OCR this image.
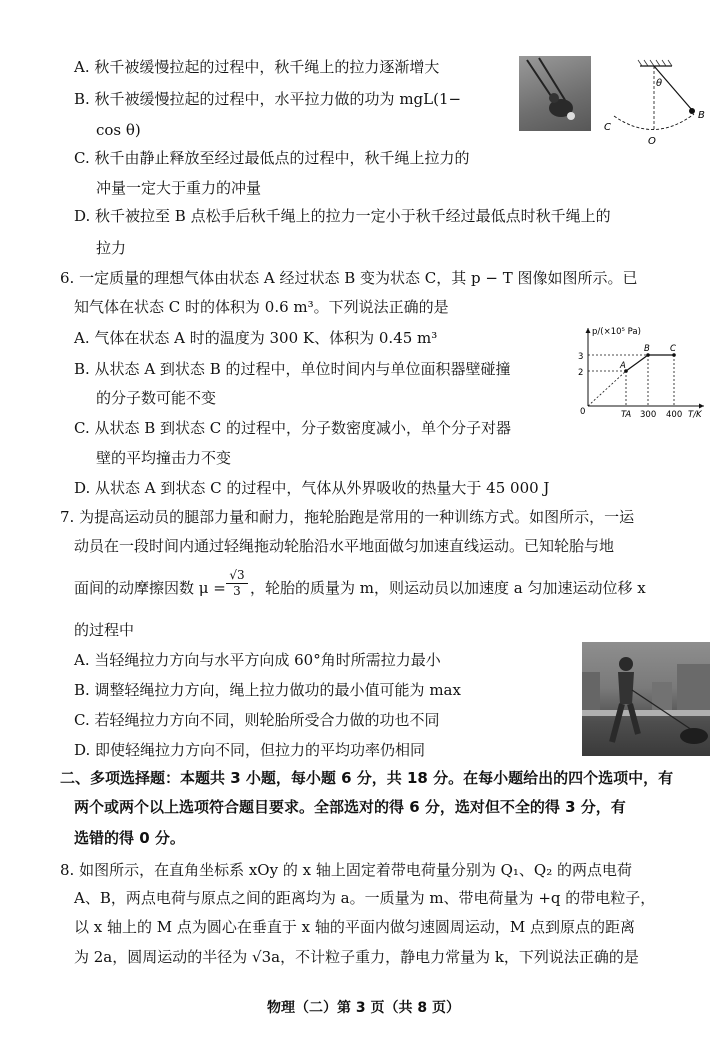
A. 秋千被缓慢拉起的过程中，秋千绳上的拉力逐渐增大
B. 秋千被缓慢拉起的过程中，水平拉力做的功为 mgL(1−
cos θ)
C. 秋千由静止释放至经过最低点的过程中，秋千绳上拉力的
冲量一定大于重力的冲量
D. 秋千被拉至 B 点松手后秋千绳上的拉力一定小于秋千经过最低点时秋千绳上的
拉力
θ
C
O
B
6. 一定质量的理想气体由状态 A 经过状态 B 变为状态 C，其 p − T 图像如图所示。已
知气体在状态 C 时的体积为 0.6 m³。下列说法正确的是
A. 气体在状态 A 时的温度为 300 K、体积为 0.45 m³
B. 从状态 A 到状态 B 的过程中，单位时间内与单位面积器壁碰撞
的分子数可能不变
C. 从状态 B 到状态 C 的过程中，分子数密度减小，单个分子对器
壁的平均撞击力不变
D. 从状态 A 到状态 C 的过程中，气体从外界吸收的热量大于 45 000 J
p/(×10⁵ Pa)
T/K
0
3
2
TA 300 400
A
B C
7. 为提高运动员的腿部力量和耐力，拖轮胎跑是常用的一种训练方式。如图所示，一运
动员在一段时间内通过轻绳拖动轮胎沿水平地面做匀加速直线运动。已知轮胎与地
面间的动摩擦因数 $\mu = \frac{√3}{3}$ ，轮胎的质量为 m，则运动员以加速度 a 匀加速运动位移 x
的过程中
A. 当轻绳拉力方向与水平方向成 60°角时所需拉力最小
B. 调整轻绳拉力方向，绳上拉力做功的最小值可能为 max
C. 若轻绳拉力方向不同，则轮胎所受合力做的功也不同
D. 即使轻绳拉力方向不同，但拉力的平均功率仍相同
二、多项选择题：本题共 3 小题，每小题 6 分，共 18 分。在每小题给出的四个选项中，有
两个或两个以上选项符合题目要求。全部选对的得 6 分，选对但不全的得 3 分，有
选错的得 0 分。
8. 如图所示，在直角坐标系 xOy 的 x 轴上固定着带电荷量分别为 Q₁、Q₂ 的两点电荷
A、B，两点电荷与原点之间的距离均为 a。一质量为 m、带电荷量为 +q 的带电粒子，
以 x 轴上的 M 点为圆心在垂直于 x 轴的平面内做匀速圆周运动，M 点到原点的距离
为 2a，圆周运动的半径为 √3a，不计粒子重力，静电力常量为 k，下列说法正确的是
物理（二）第 3 页（共 8 页）
